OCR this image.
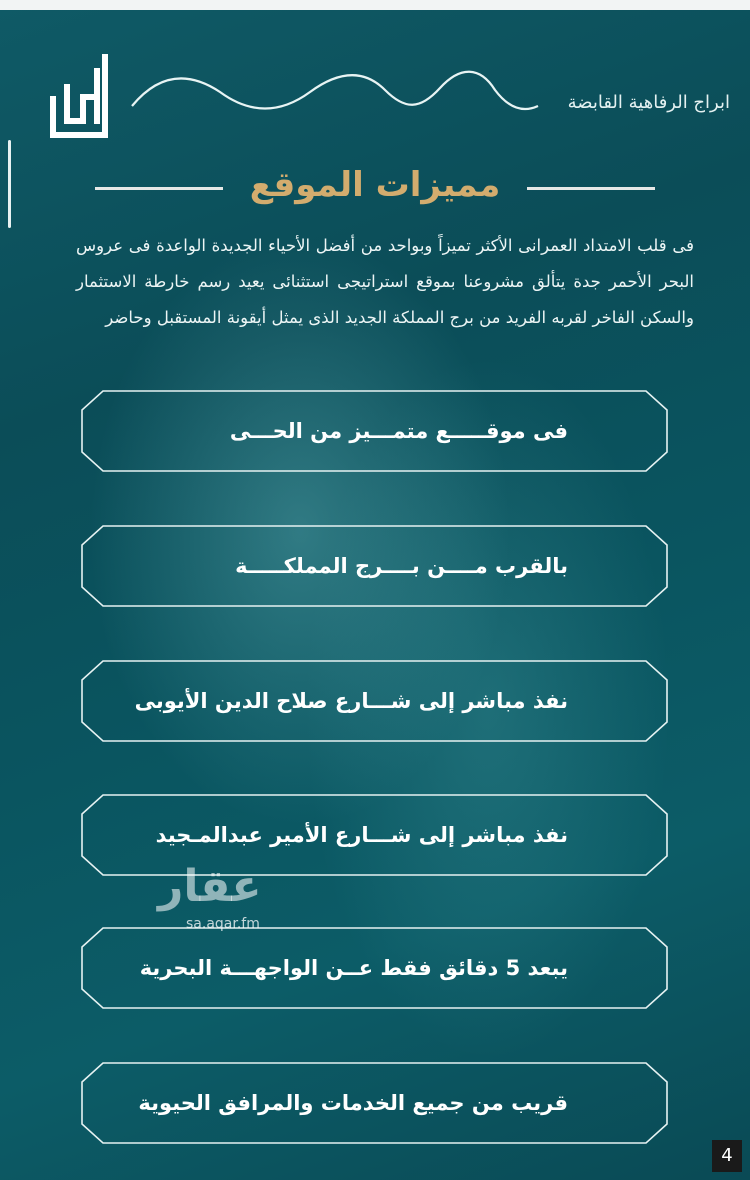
ابراج الرفاهية القابضة
مميزات الموقع
فى قلب الامتداد العمرانى الأكثر تميزاً وبواحد من أفضل الأحياء الجديدة الواعدة فى عروس البحر الأحمر جدة يتألق مشروعنا بموقع استراتيجى استثنائى يعيد رسم خارطة الاستثمار والسكن الفاخر لقربه الفريد من برج المملكة الجديد الذى يمثل أيقونة المستقبل وحاضر
فى موقـــــع متمـــيز من الحـــى
بالقرب مــــن بــــرج المملكـــــة
نفذ مباشر إلى شـــارع صلاح الدين الأيوبى
نفذ مباشر إلى شـــارع الأمير عبدالمـجيد
يبعد 5 دقائق فقط عــن الواجهـــة البحرية
قريب من جميع الخدمات والمرافق الحيوية
عقار
sa.aqar.fm
4
